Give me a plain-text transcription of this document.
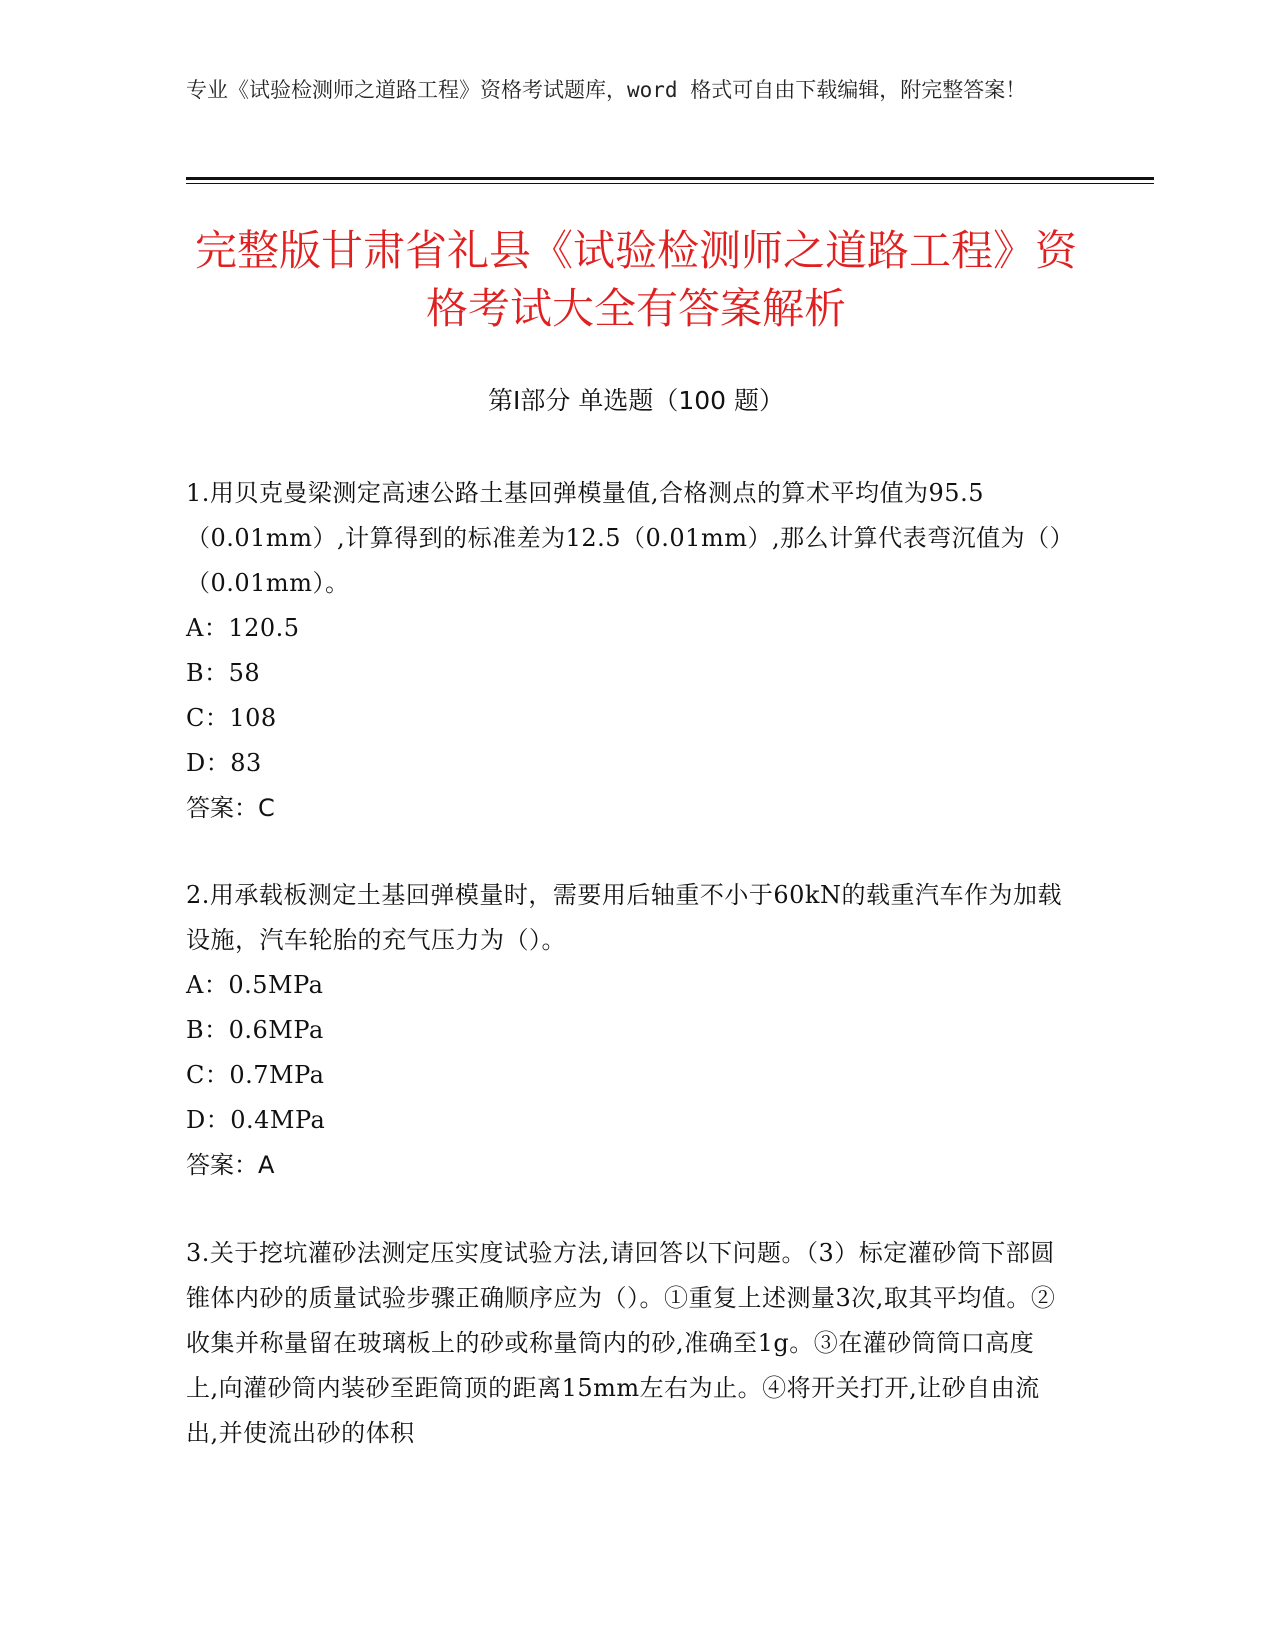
专业《试验检测师之道路工程》资格考试题库，word 格式可自由下载编辑，附完整答案！
完整版甘肃省礼县《试验检测师之道路工程》资格考试大全有答案解析
第Ⅰ部分 单选题（100 题）
1.用贝克曼梁测定高速公路土基回弹模量值,合格测点的算术平均值为95.5（0.01mm）,计算得到的标准差为12.5（0.01mm）,那么计算代表弯沉值为（）（0.01mm）。
A：120.5
B：58
C：108
D：83
答案：C
2.用承载板测定土基回弹模量时，需要用后轴重不小于60kN的载重汽车作为加载设施，汽车轮胎的充气压力为（）。
A：0.5MPa
B：0.6MPa
C：0.7MPa
D：0.4MPa
答案：A
3.关于挖坑灌砂法测定压实度试验方法,请回答以下问题。（3）标定灌砂筒下部圆锥体内砂的质量试验步骤正确顺序应为（）。①重复上述测量3次,取其平均值。②收集并称量留在玻璃板上的砂或称量筒内的砂,准确至1g。③在灌砂筒筒口高度上,向灌砂筒内装砂至距筒顶的距离15mm左右为止。④将开关打开,让砂自由流出,并使流出砂的体积
